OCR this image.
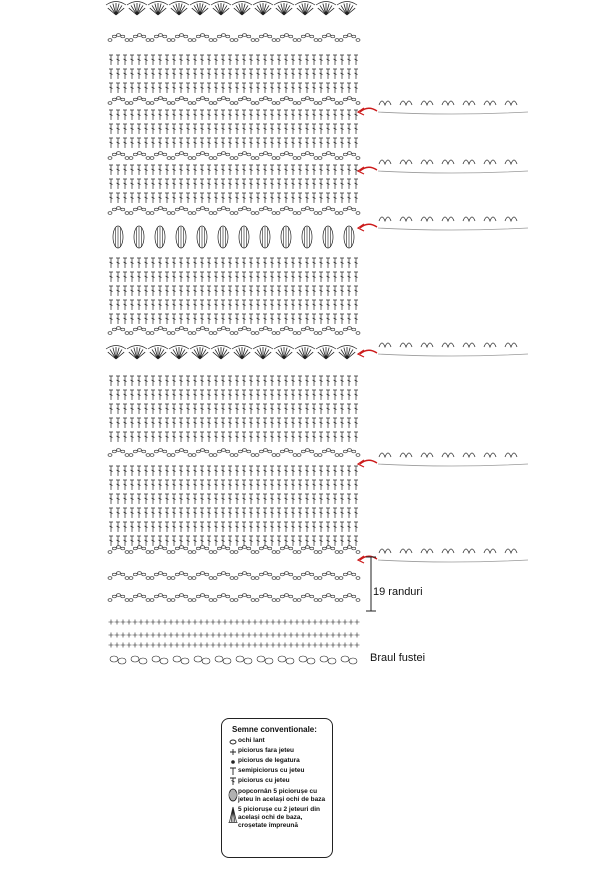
19 randuri
Braul fustei
Semne conventionale:
ochi lant
piciorus fara jeteu
piciorus de legatura
semipiciorus cu jeteu
piciorus cu jeteu
popcornân 5 piciorușe cu jeteu în același ochi de baza
5 piciorușe cu 2 jeteuri din același ochi de baza, croșetate împreună
